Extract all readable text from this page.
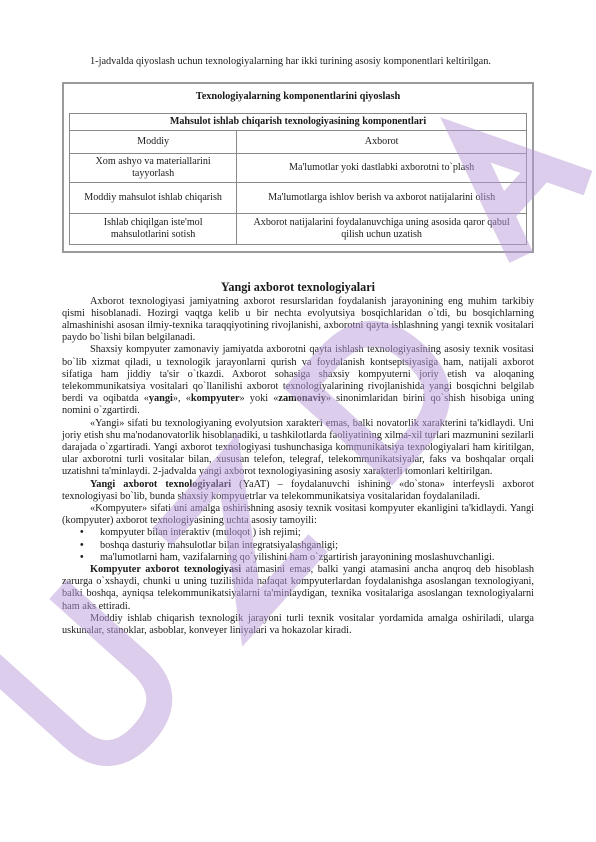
1-jadvalda qiyoslash uchun texnologiyalarning har ikki turining asosiy komponentlari keltirilgan.

Texnologiyalarning komponentlarini qiyoslash
Mahsulot ishlab chiqarish texnologiyasining komponentlari	
Moddiy	Axborot
Xom ashyo va materiallarini tayyorlash	Ma'lumotlar yoki dastlabki axborotni to`plash
Moddiy mahsulot ishlab chiqarish	Ma'lumotlarga ishlov berish va axborot natijalarini olish
Ishlab chiqilgan iste'mol mahsulotlarini sotish	Axborot natijalarini foydalanuvchiga uning asosida qaror qabul qilish uchun uzatish
Yangi axborot texnologiyalari

Axborot texnologiyasi jamiyatning axborot resurslaridan foydalanish jarayonining eng muhim tarkibiy qismi hisoblanadi. Hozirgi vaqtga kelib u bir nechta evolyutsiya bosqichlaridan o`tdi, bu bosqichlarning almashinishi asosan ilmiy-texnika taraqqiyotining rivojlanishi, axborotni qayta ishlashning yangi texnik vositalari paydo bo`lishi bilan belgilanadi.

Shaxsiy kompyuter zamonaviy jamiyatda axborotni qayta ishlash texnologiyasining asosiy texnik vositasi bo`lib xizmat qiladi, u texnologik jarayonlarni qurish va foydalanish kontseptsiyasiga ham, natijali axborot sifatiga ham jiddiy ta'sir o`tkazdi. Axborot sohasiga shaxsiy kompyuterni joriy etish va aloqaning telekommunikatsiya vositalari qo`llanilishi axborot texnologiyalarining rivojlanishida yangi bosqichni belgilab berdi va oqibatda «yangi», «kompyuter» yoki «zamonaviy» sinonimlaridan birini qo`shish hisobiga uning nomini o`zgartirdi.

«Yangi» sifati bu texnologiyaning evolyutsion xarakteri emas, balki novatorlik xarakterini ta'kidlaydi. Uni joriy etish shu ma'nodanovatorlik hisoblanadiki, u tashkilotlarda faoliyatining xilma-xil turlari mazmunini sezilarli darajada o`zgartiradi. Yangi axborot texnologiyasi tushunchasiga kommunikatsiya texnologiyalari ham kiritilgan, ular axborotni turli vositalar bilan, xususan telefon, telegraf, telekommunikatsiyalar, faks va boshqalar orqali uzatishni ta'minlaydi. 2-jadvalda yangi axborot texnologiyasining asosiy xarakterli tomonlari keltirilgan.

Yangi axborot texnologiyalari (YaAT) – foydalanuvchi ishining «do`stona» interfeysli axborot texnologiyasi bo`lib, bunda shaxsiy kompyuetrlar va telekommunikatsiya vositalaridan foydalaniladi.

«Kompyuter» sifati uni amalga oshirishning asosiy texnik vositasi kompyuter ekanligini ta'kidlaydi. Yangi (kompyuter) axborot texnologiyasining uchta asosiy tamoyili:

• kompyuter bilan interaktiv (muloqot ) ish rejimi;
• boshqa dasturiy mahsulotlar bilan integratsiyalashganligi;
• ma'lumotlarni ham, vazifalarning qo`yilishini ham o`zgartirish jarayonining moslashuvchanligi.

Kompyuter axborot texnologiyasi atamasini emas, balki yangi atamasini ancha anqroq deb hisoblash zarurga o`xshaydi, chunki u uning tuzilishida nafaqat kompyuterlardan foydalanishga asoslangan texnologiyani, balki boshqa, ayniqsa telekommunikatsiyalarni ta'minlaydigan, texnika vositalariga asoslangan texnologiyalarni ham aks ettiradi.

Moddiy ishlab chiqarish texnologik jarayoni turli texnik vositalar yordamida amalga oshiriladi, ularga uskunalar, stanoklar, asboblar, konveyer liniyalari va hokazolar kiradi.
